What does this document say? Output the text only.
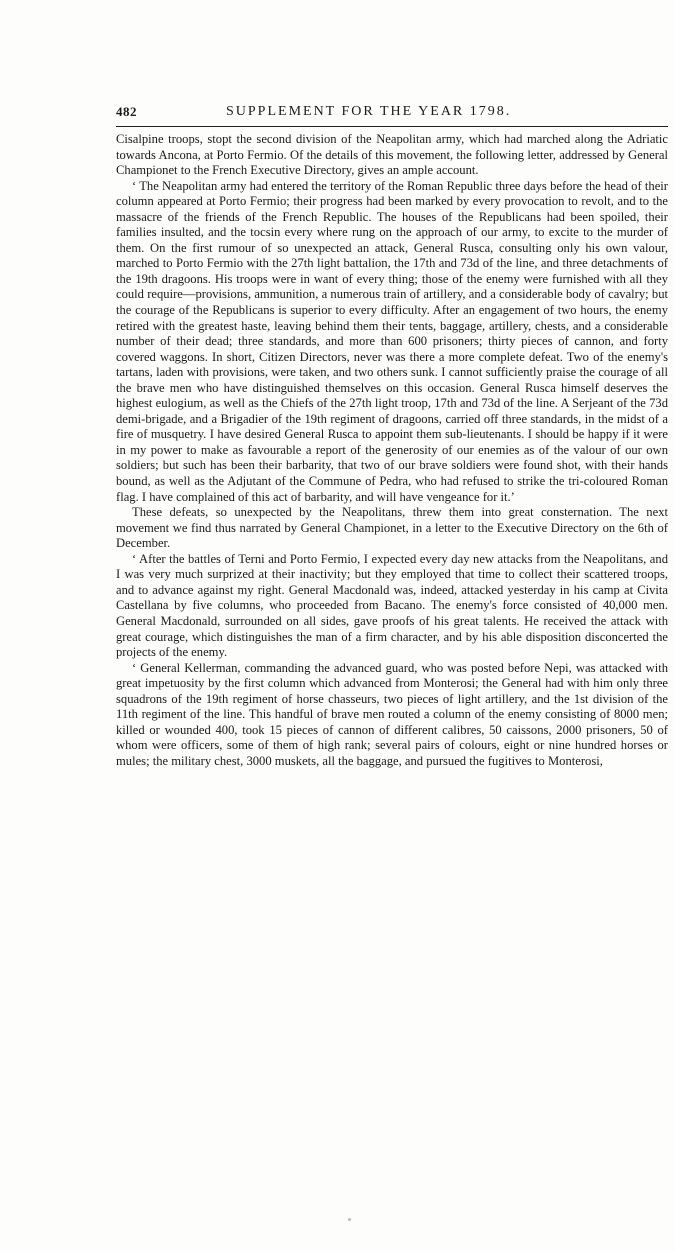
482	SUPPLEMENT FOR THE YEAR 1798.

Cisalpine troops, stopt the second division of the Neapolitan army, which had marched along the Adriatic towards Ancona, at Porto Fermio. Of the details of this movement, the following letter, addressed by General Championet to the French Executive Directory, gives an ample account.

‘ The Neapolitan army had entered the territory of the Roman Republic three days before the head of their column appeared at Porto Fermio; their progress had been marked by every provocation to revolt, and to the massacre of the friends of the French Republic. The houses of the Republicans had been spoiled, their families insulted, and the tocsin every where rung on the approach of our army, to excite to the murder of them. On the first rumour of so unexpected an attack, General Rusca, consulting only his own valour, marched to Porto Fermio with the 27th light battalion, the 17th and 73d of the line, and three detachments of the 19th dragoons. His troops were in want of every thing; those of the enemy were furnished with all they could require—provisions, ammunition, a numerous train of artillery, and a considerable body of cavalry; but the courage of the Republicans is superior to every difficulty. After an engagement of two hours, the enemy retired with the greatest haste, leaving behind them their tents, baggage, artillery, chests, and a considerable number of their dead; three standards, and more than 600 prisoners; thirty pieces of cannon, and forty covered waggons. In short, Citizen Directors, never was there a more complete defeat. Two of the enemy's tartans, laden with provisions, were taken, and two others sunk. I cannot sufficiently praise the courage of all the brave men who have distinguished themselves on this occasion. General Rusca himself deserves the highest eulogium, as well as the Chiefs of the 27th light troop, 17th and 73d of the line. A Serjeant of the 73d demi-brigade, and a Brigadier of the 19th regiment of dragoons, carried off three standards, in the midst of a fire of musquetry. I have desired General Rusca to appoint them sub-lieutenants. I should be happy if it were in my power to make as favourable a report of the generosity of our enemies as of the valour of our own soldiers; but such has been their barbarity, that two of our brave soldiers were found shot, with their hands bound, as well as the Adjutant of the Commune of Pedra, who had refused to strike the tri-coloured Roman flag. I have complained of this act of barbarity, and will have vengeance for it.’

These defeats, so unexpected by the Neapolitans, threw them into great consternation. The next movement we find thus narrated by General Championet, in a letter to the Executive Directory on the 6th of December.

‘ After the battles of Terni and Porto Fermio, I expected every day new attacks from the Neapolitans, and I was very much surprized at their inactivity; but they employed that time to collect their scattered troops, and to advance against my right. General Macdonald was, indeed, attacked yesterday in his camp at Civita Castellana by five columns, who proceeded from Bacano. The enemy's force consisted of 40,000 men. General Macdonald, surrounded on all sides, gave proofs of his great talents. He received the attack with great courage, which distinguishes the man of a firm character, and by his able disposition disconcerted the projects of the enemy.

‘ General Kellerman, commanding the advanced guard, who was posted before Nepi, was attacked with great impetuosity by the first column which advanced from Monterosi; the General had with him only three squadrons of the 19th regiment of horse chasseurs, two pieces of light artillery, and the 1st division of the 11th regiment of the line. This handful of brave men routed a column of the enemy consisting of 8000 men; killed or wounded 400, took 15 pieces of cannon of different calibres, 50 caissons, 2000 prisoners, 50 of whom were officers, some of them of high rank; several pairs of colours, eight or nine hundred horses or mules; the military chest, 3000 muskets, all the baggage, and pursued the fugitives to Monterosi,
